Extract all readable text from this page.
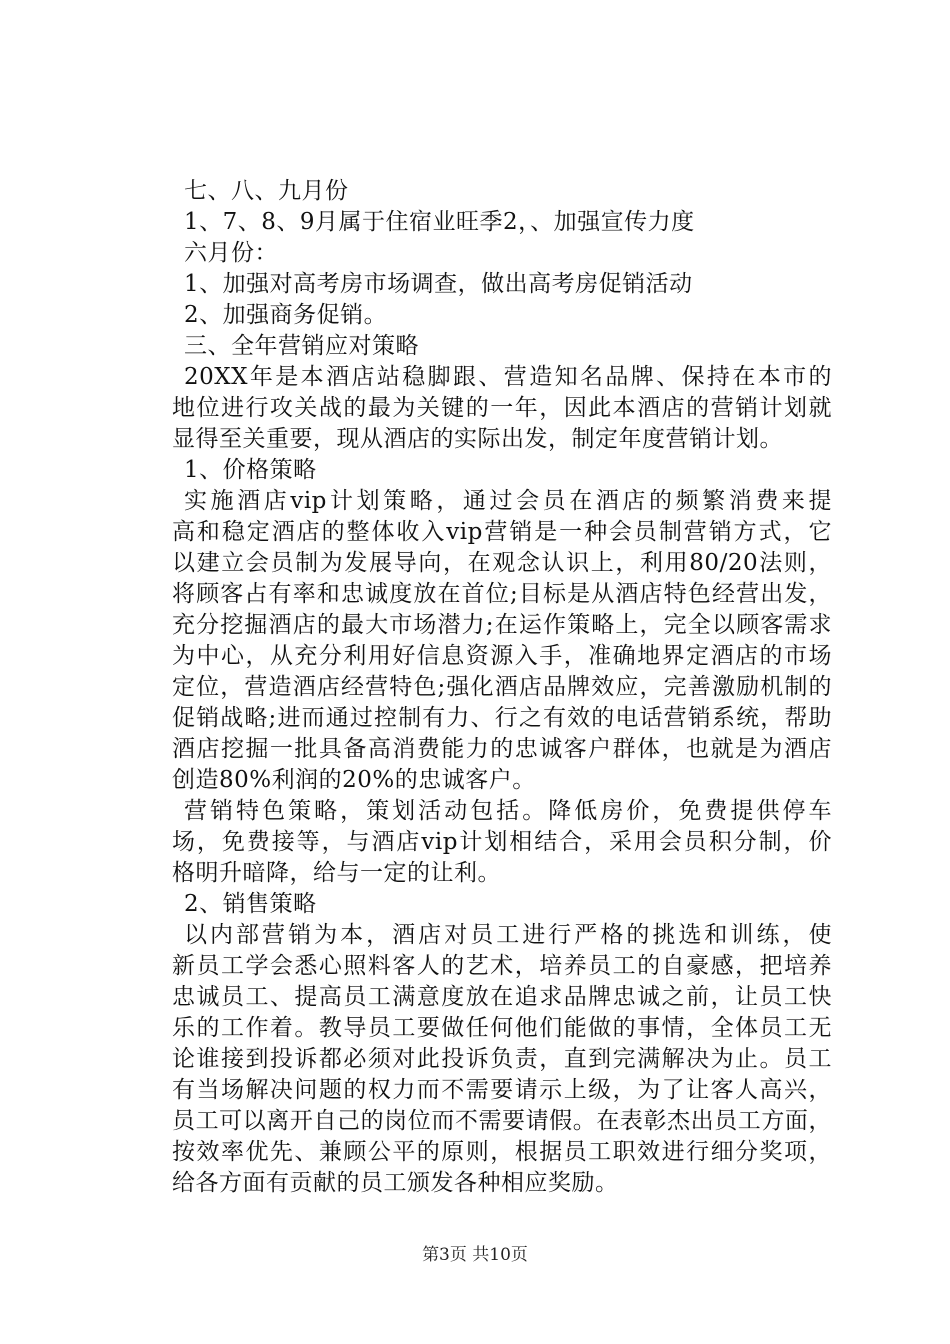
七、八、九月份
1、7、8、9月属于住宿业旺季2，、加强宣传力度
六月份：
1、加强对高考房市场调查，做出高考房促销活动
2、加强商务促销。
三、全年营销应对策略
20XX年是本酒店站稳脚跟、营造知名品牌、保持在本市的
地位进行攻关战的最为关键的一年，因此本酒店的营销计划就
显得至关重要，现从酒店的实际出发，制定年度营销计划。
1、价格策略
实施酒店vip计划策略，通过会员在酒店的频繁消费来提
高和稳定酒店的整体收入vip营销是一种会员制营销方式，它
以建立会员制为发展导向，在观念认识上，利用80/20法则，
将顾客占有率和忠诚度放在首位;目标是从酒店特色经营出发，
充分挖掘酒店的最大市场潜力;在运作策略上，完全以顾客需求
为中心，从充分利用好信息资源入手，准确地界定酒店的市场
定位，营造酒店经营特色;强化酒店品牌效应，完善激励机制的
促销战略;进而通过控制有力、行之有效的电话营销系统，帮助
酒店挖掘一批具备高消费能力的忠诚客户群体，也就是为酒店
创造80%利润的20%的忠诚客户。
营销特色策略，策划活动包括。降低房价，免费提供停车
场，免费接等，与酒店vip计划相结合，采用会员积分制，价
格明升暗降，给与一定的让利。
2、销售策略
以内部营销为本，酒店对员工进行严格的挑选和训练，使
新员工学会悉心照料客人的艺术，培养员工的自豪感，把培养
忠诚员工、提高员工满意度放在追求品牌忠诚之前，让员工快
乐的工作着。教导员工要做任何他们能做的事情，全体员工无
论谁接到投诉都必须对此投诉负责，直到完满解决为止。员工
有当场解决问题的权力而不需要请示上级，为了让客人高兴，
员工可以离开自己的岗位而不需要请假。在表彰杰出员工方面，
按效率优先、兼顾公平的原则，根据员工职效进行细分奖项，
给各方面有贡献的员工颁发各种相应奖励。
第3页 共10页
